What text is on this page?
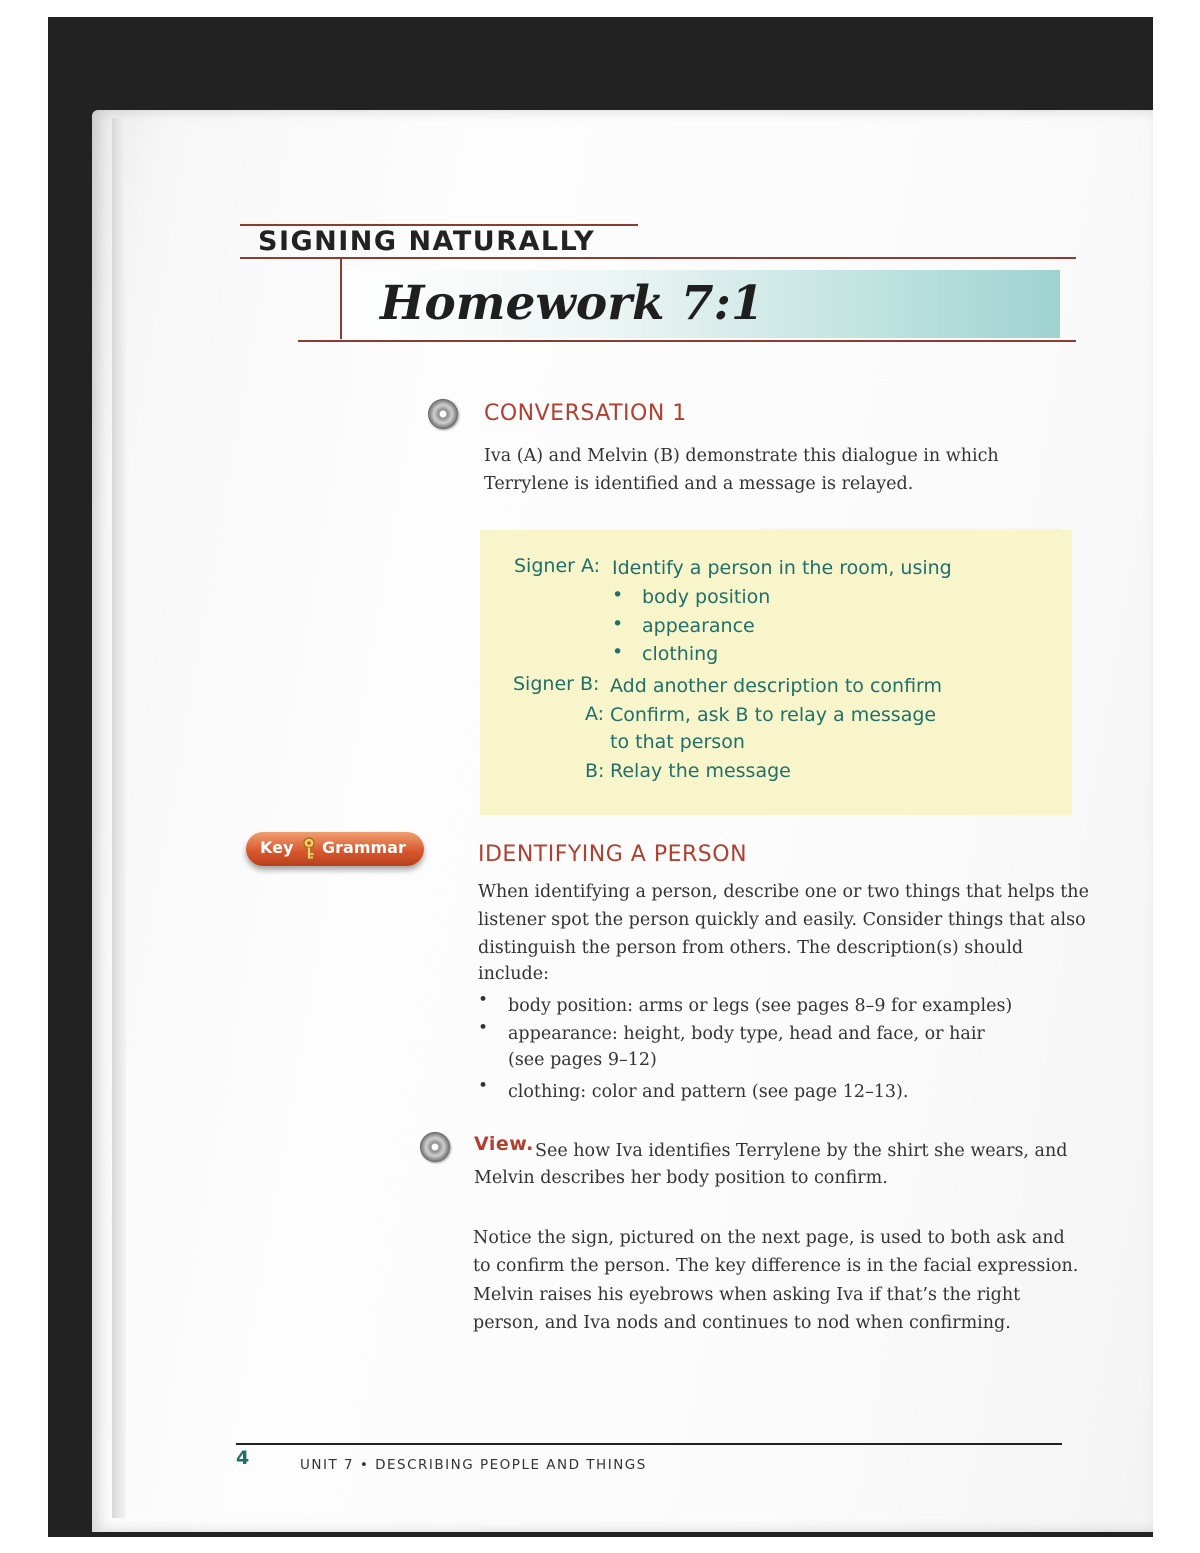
SIGNING NATURALLY
Homework 7:1
CONVERSATION 1
Iva (A) and Melvin (B) demonstrate this dialogue in which
Terrylene is identified and a message is relayed.
Signer A: Identify a person in the room, using
• body position
• appearance
• clothing
Signer B: Add another description to confirm
A: Confirm, ask B to relay a message
to that person
B: Relay the message
Key Grammar	IDENTIFYING A PERSON
When identifying a person, describe one or two things that helps the
listener spot the person quickly and easily. Consider things that also
distinguish the person from others. The description(s) should
include:
• body position: arms or legs (see pages 8–9 for examples)
• appearance: height, body type, head and face, or hair
(see pages 9–12)
• clothing: color and pattern (see page 12–13).
View. See how Iva identifies Terrylene by the shirt she wears, and
Melvin describes her body position to confirm.
Notice the sign, pictured on the next page, is used to both ask and
to confirm the person. The key difference is in the facial expression.
Melvin raises his eyebrows when asking Iva if that’s the right
person, and Iva nods and continues to nod when confirming.
4	UNIT 7 • DESCRIBING PEOPLE AND THINGS
